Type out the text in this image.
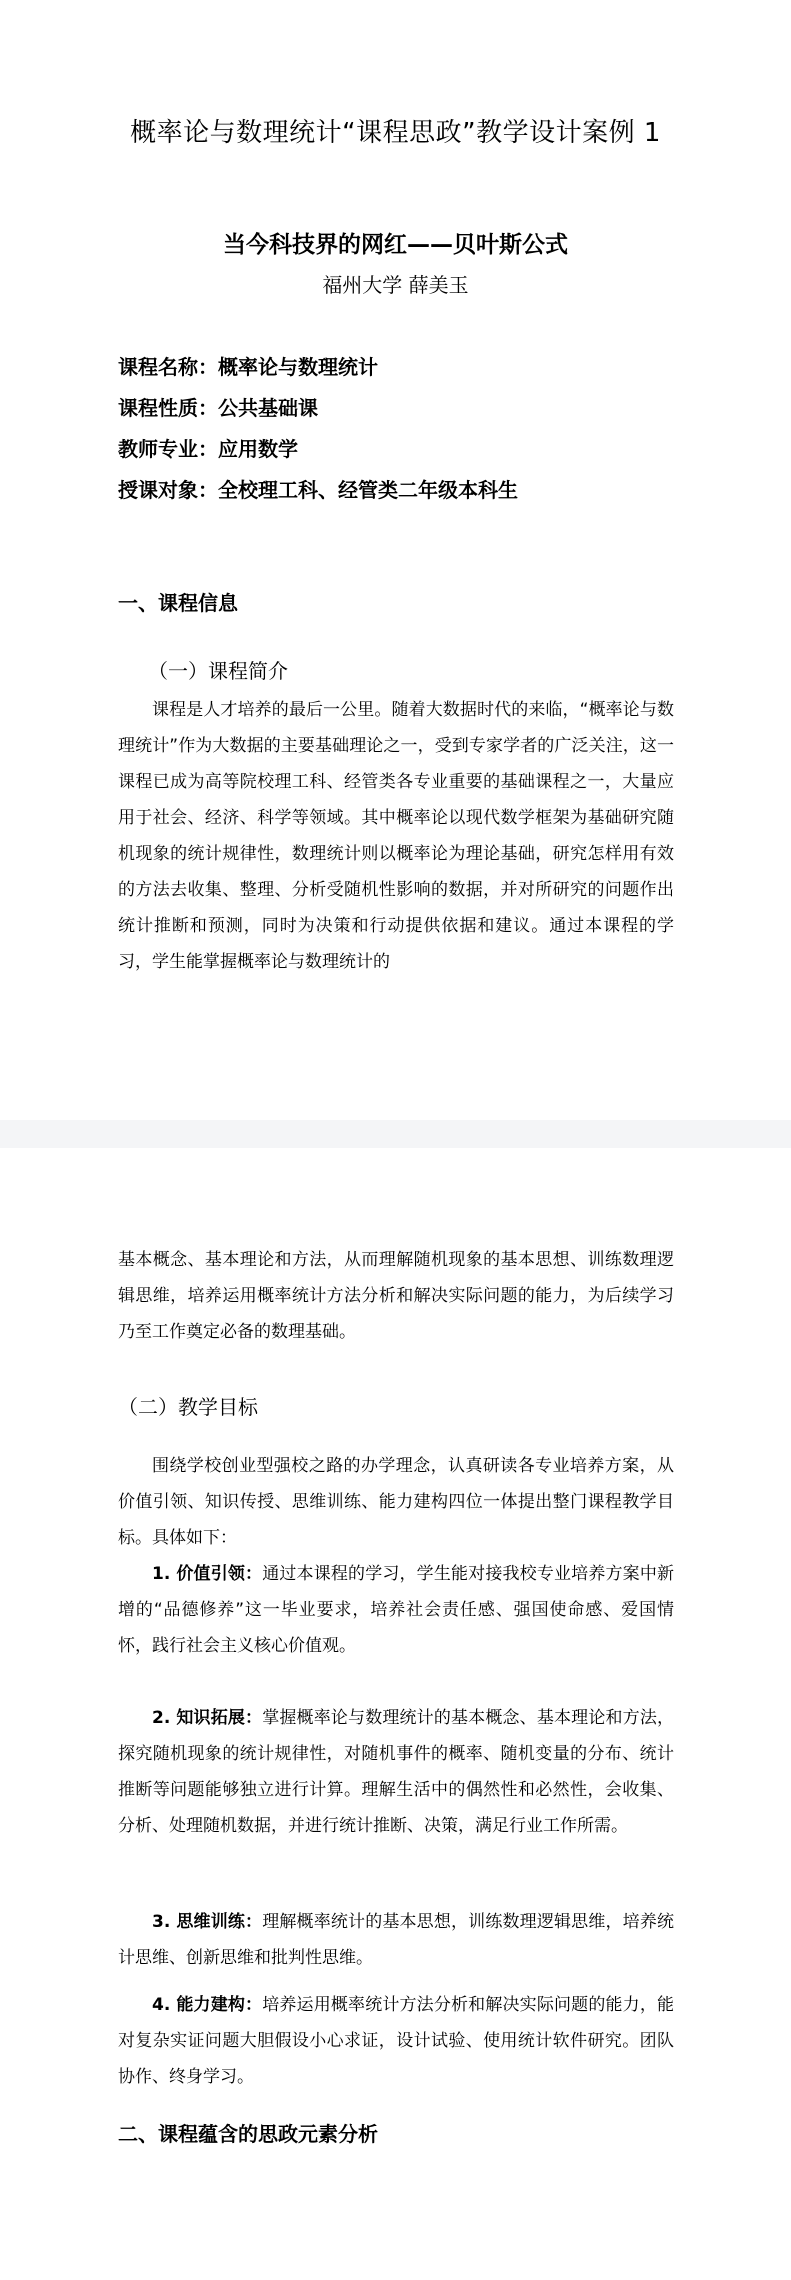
概率论与数理统计“课程思政”教学设计案例 1
当今科技界的网红——贝叶斯公式
福州大学 薛美玉
课程名称：概率论与数理统计
课程性质：公共基础课
教师专业：应用数学
授课对象：全校理工科、经管类二年级本科生
一、课程信息
（一）课程简介

课程是人才培养的最后一公里。随着大数据时代的来临，“概率论与数理统计”作为大数据的主要基础理论之一，受到专家学者的广泛关注，这一课程已成为高等院校理工科、经管类各专业重要的基础课程之一，大量应用于社会、经济、科学等领域。其中概率论以现代数学框架为基础研究随机现象的统计规律性，数理统计则以概率论为理论基础，研究怎样用有效的方法去收集、整理、分析受随机性影响的数据，并对所研究的问题作出统计推断和预测，同时为决策和行动提供依据和建议。通过本课程的学习，学生能掌握概率论与数理统计的

基本概念、基本理论和方法，从而理解随机现象的基本思想、训练数理逻辑思维，培养运用概率统计方法分析和解决实际问题的能力，为后续学习乃至工作奠定必备的数理基础。

（二）教学目标

围绕学校创业型强校之路的办学理念，认真研读各专业培养方案，从价值引领、知识传授、思维训练、能力建构四位一体提出整门课程教学目标。具体如下：

1. 价值引领：通过本课程的学习，学生能对接我校专业培养方案中新增的“品德修养”这一毕业要求，培养社会责任感、强国使命感、爱国情怀，践行社会主义核心价值观。

2. 知识拓展：掌握概率论与数理统计的基本概念、基本理论和方法，探究随机现象的统计规律性，对随机事件的概率、随机变量的分布、统计推断等问题能够独立进行计算。理解生活中的偶然性和必然性，会收集、分析、处理随机数据，并进行统计推断、决策，满足行业工作所需。

3. 思维训练：理解概率统计的基本思想，训练数理逻辑思维，培养统计思维、创新思维和批判性思维。

4. 能力建构：培养运用概率统计方法分析和解决实际问题的能力，能对复杂实证问题大胆假设小心求证，设计试验、使用统计软件研究。团队协作、终身学习。

二、课程蕴含的思政元素分析
